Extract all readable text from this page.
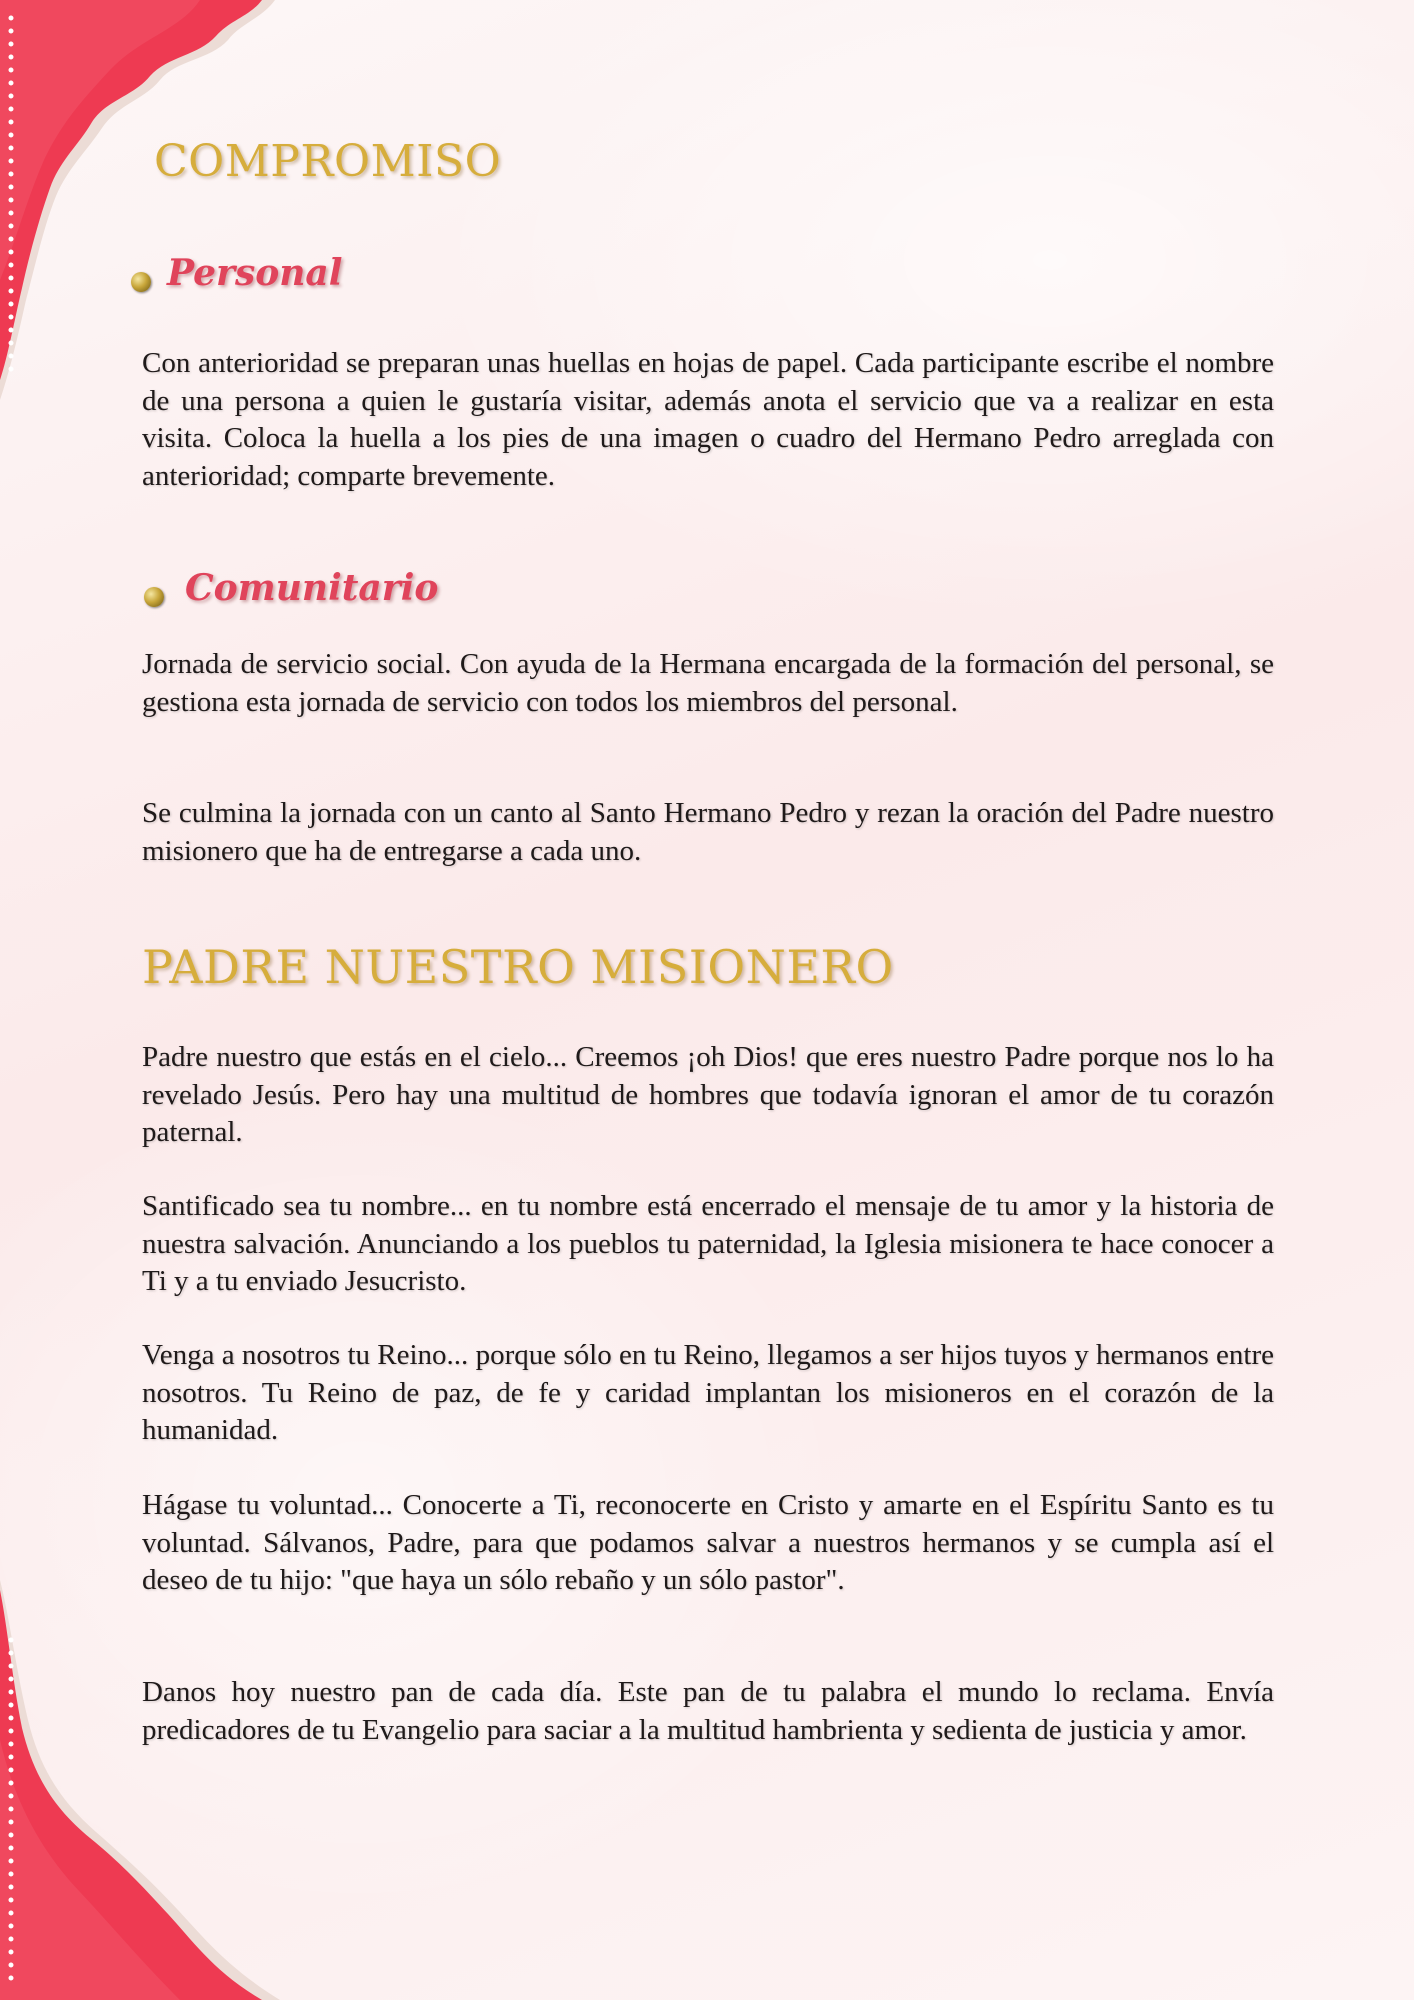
COMPROMISO
Personal

Con anterioridad se preparan unas huellas en hojas de papel. Cada participante escribe el nombre de una persona a quien le gustaría visitar, además anota el servicio que va a realizar en esta visita. Coloca la huella a los pies de una imagen o cuadro del Hermano Pedro arreglada con anterioridad; comparte brevemente.

Comunitario

Jornada de servicio social. Con ayuda de la Hermana encargada de la formación del personal, se gestiona esta jornada de servicio con todos los miembros del personal.

Se culmina la jornada con un canto al Santo Hermano Pedro y rezan la oración del Padre nuestro misionero que ha de entregarse a cada uno.

PADRE NUESTRO MISIONERO

Padre nuestro que estás en el cielo... Creemos ¡oh Dios! que eres nuestro Padre porque nos lo ha revelado Jesús. Pero hay una multitud de hombres que todavía ignoran el amor de tu corazón paternal.

Santificado sea tu nombre... en tu nombre está encerrado el mensaje de tu amor y la historia de nuestra salvación. Anunciando a los pueblos tu paternidad, la Iglesia misionera te hace conocer a Ti y a tu enviado Jesucristo.

Venga a nosotros tu Reino... porque sólo en tu Reino, llegamos a ser hijos tuyos y hermanos entre nosotros. Tu Reino de paz, de fe y caridad implantan los misioneros en el corazón de la humanidad.

Hágase tu voluntad... Conocerte a Ti, reconocerte en Cristo y amarte en el Espíritu Santo es tu voluntad. Sálvanos, Padre, para que podamos salvar a nuestros hermanos y se cumpla así el deseo de tu hijo: "que haya un sólo rebaño y un sólo pastor".

Danos hoy nuestro pan de cada día. Este pan de tu palabra el mundo lo reclama. Envía predicadores de tu Evangelio para saciar a la multitud hambrienta y sedienta de justicia y amor.
